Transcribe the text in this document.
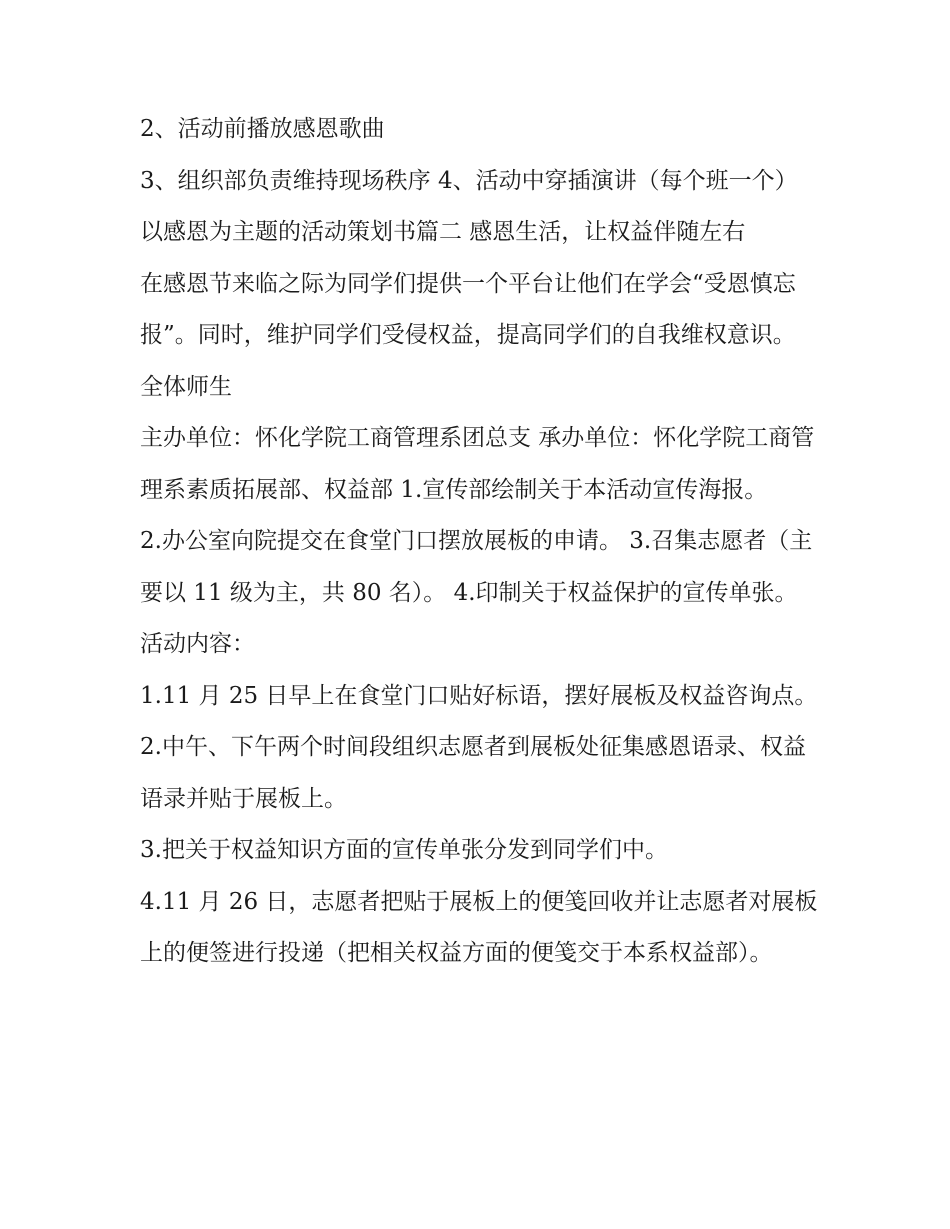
2、活动前播放感恩歌曲

3、组织部负责维持现场秩序 4、活动中穿插演讲（每个班一个） 以感恩为主题的活动策划书篇二 感恩生活，让权益伴随左右

在感恩节来临之际为同学们提供一个平台让他们在学会“受恩慎忘报”。同时，维护同学们受侵权益，提高同学们的自我维权意识。 全体师生

主办单位：怀化学院工商管理系团总支 承办单位：怀化学院工商管理系素质拓展部、权益部 1.宣传部绘制关于本活动宣传海报。

2.办公室向院提交在食堂门口摆放展板的申请。 3.召集志愿者（主要以 11 级为主，共 80 名）。 4.印制关于权益保护的宣传单张。 活动内容：

1.11 月 25 日早上在食堂门口贴好标语，摆好展板及权益咨询点。 2.中午、下午两个时间段组织志愿者到展板处征集感恩语录、权益语录并贴于展板上。

3.把关于权益知识方面的宣传单张分发到同学们中。

4.11 月 26 日，志愿者把贴于展板上的便笺回收并让志愿者对展板上的便签进行投递（把相关权益方面的便笺交于本系权益部）。
